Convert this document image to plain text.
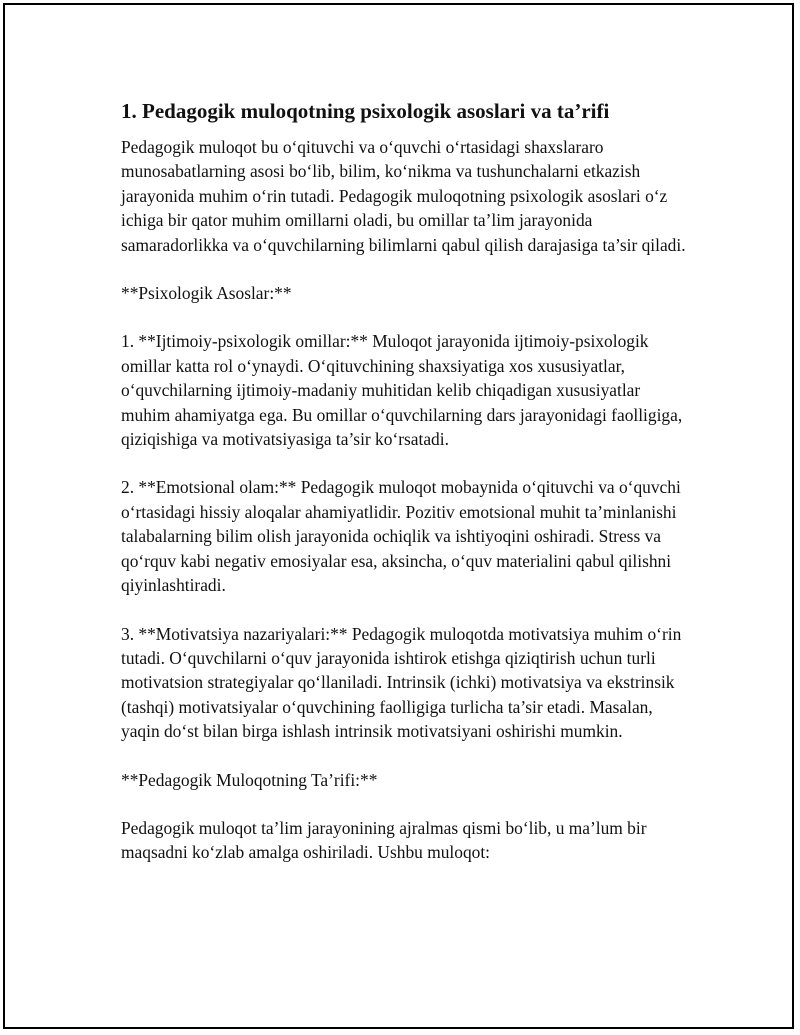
1. Pedagogik muloqotning psixologik asoslari va ta’rifi

Pedagogik muloqot bu o‘qituvchi va o‘quvchi o‘rtasidagi shaxslararo munosabatlarning asosi bo‘lib, bilim, ko‘nikma va tushunchalarni etkazish jarayonida muhim o‘rin tutadi. Pedagogik muloqotning psixologik asoslari o‘z ichiga bir qator muhim omillarni oladi, bu omillar ta’lim jarayonida samaradorlikka va o‘quvchilarning bilimlarni qabul qilish darajasiga ta’sir qiladi.

**Psixologik Asoslar:**

1. **Ijtimoiy-psixologik omillar:** Muloqot jarayonida ijtimoiy-psixologik omillar katta rol o‘ynaydi. O‘qituvchining shaxsiyatiga xos xususiyatlar, o‘quvchilarning ijtimoiy-madaniy muhitidan kelib chiqadigan xususiyatlar muhim ahamiyatga ega. Bu omillar o‘quvchilarning dars jarayonidagi faolligiga, qiziqishiga va motivatsiyasiga ta’sir ko‘rsatadi.

2. **Emotsional olam:** Pedagogik muloqot mobaynida o‘qituvchi va o‘quvchi o‘rtasidagi hissiy aloqalar ahamiyatlidir. Pozitiv emotsional muhit ta’minlanishi talabalarning bilim olish jarayonida ochiqlik va ishtiyoqini oshiradi. Stress va qo‘rquv kabi negativ emosiyalar esa, aksincha, o‘quv materialini qabul qilishni qiyinlashtiradi.

3. **Motivatsiya nazariyalari:** Pedagogik muloqotda motivatsiya muhim o‘rin tutadi. O‘quvchilarni o‘quv jarayonida ishtirok etishga qiziqtirish uchun turli motivatsion strategiyalar qo‘llaniladi. Intrinsik (ichki) motivatsiya va ekstrinsik (tashqi) motivatsiyalar o‘quvchining faolligiga turlicha ta’sir etadi. Masalan, yaqin do‘st bilan birga ishlash intrinsik motivatsiyani oshirishi mumkin.

**Pedagogik Muloqotning Ta’rifi:**

Pedagogik muloqot ta’lim jarayonining ajralmas qismi bo‘lib, u ma’lum bir maqsadni ko‘zlab amalga oshiriladi. Ushbu muloqot:
